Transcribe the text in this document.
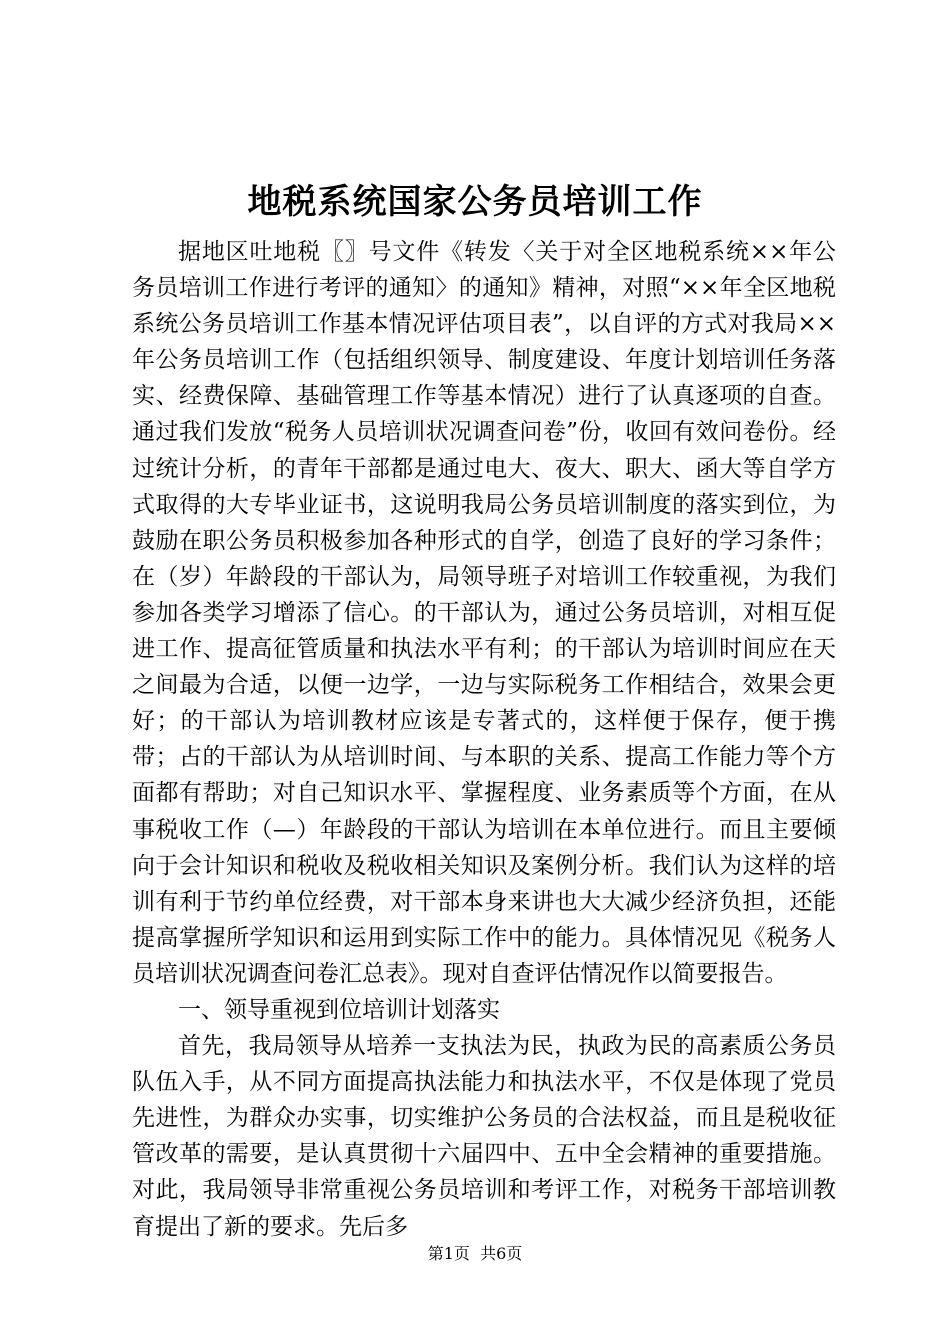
地税系统国家公务员培训工作

据地区吐地税〖〗号文件《转发〈关于对全区地税系统××年公务员培训工作进行考评的通知〉的通知》精神，对照“××年全区地税系统公务员培训工作基本情况评估项目表”，以自评的方式对我局××年公务员培训工作（包括组织领导、制度建设、年度计划培训任务落实、经费保障、基础管理工作等基本情况）进行了认真逐项的自查。通过我们发放“税务人员培训状况调查问卷”份，收回有效问卷份。经过统计分析，的青年干部都是通过电大、夜大、职大、函大等自学方式取得的大专毕业证书，这说明我局公务员培训制度的落实到位，为鼓励在职公务员积极参加各种形式的自学，创造了良好的学习条件；在（岁）年龄段的干部认为，局领导班子对培训工作较重视，为我们参加各类学习增添了信心。的干部认为，通过公务员培训，对相互促进工作、提高征管质量和执法水平有利；的干部认为培训时间应在天之间最为合适，以便一边学，一边与实际税务工作相结合，效果会更好；的干部认为培训教材应该是专著式的，这样便于保存，便于携带；占的干部认为从培训时间、与本职的关系、提高工作能力等个方面都有帮助；对自己知识水平、掌握程度、业务素质等个方面，在从事税收工作（—）年龄段的干部认为培训在本单位进行。而且主要倾向于会计知识和税收及税收相关知识及案例分析。我们认为这样的培训有利于节约单位经费，对干部本身来讲也大大减少经济负担，还能提高掌握所学知识和运用到实际工作中的能力。具体情况见《税务人员培训状况调查问卷汇总表》。现对自查评估情况作以简要报告。

一、领导重视到位培训计划落实

首先，我局领导从培养一支执法为民，执政为民的高素质公务员队伍入手，从不同方面提高执法能力和执法水平，不仅是体现了党员先进性，为群众办实事，切实维护公务员的合法权益，而且是税收征管改革的需要，是认真贯彻十六届四中、五中全会精神的重要措施。对此，我局领导非常重视公务员培训和考评工作，对税务干部培训教育提出了新的要求。先后多

第1页 共6页
